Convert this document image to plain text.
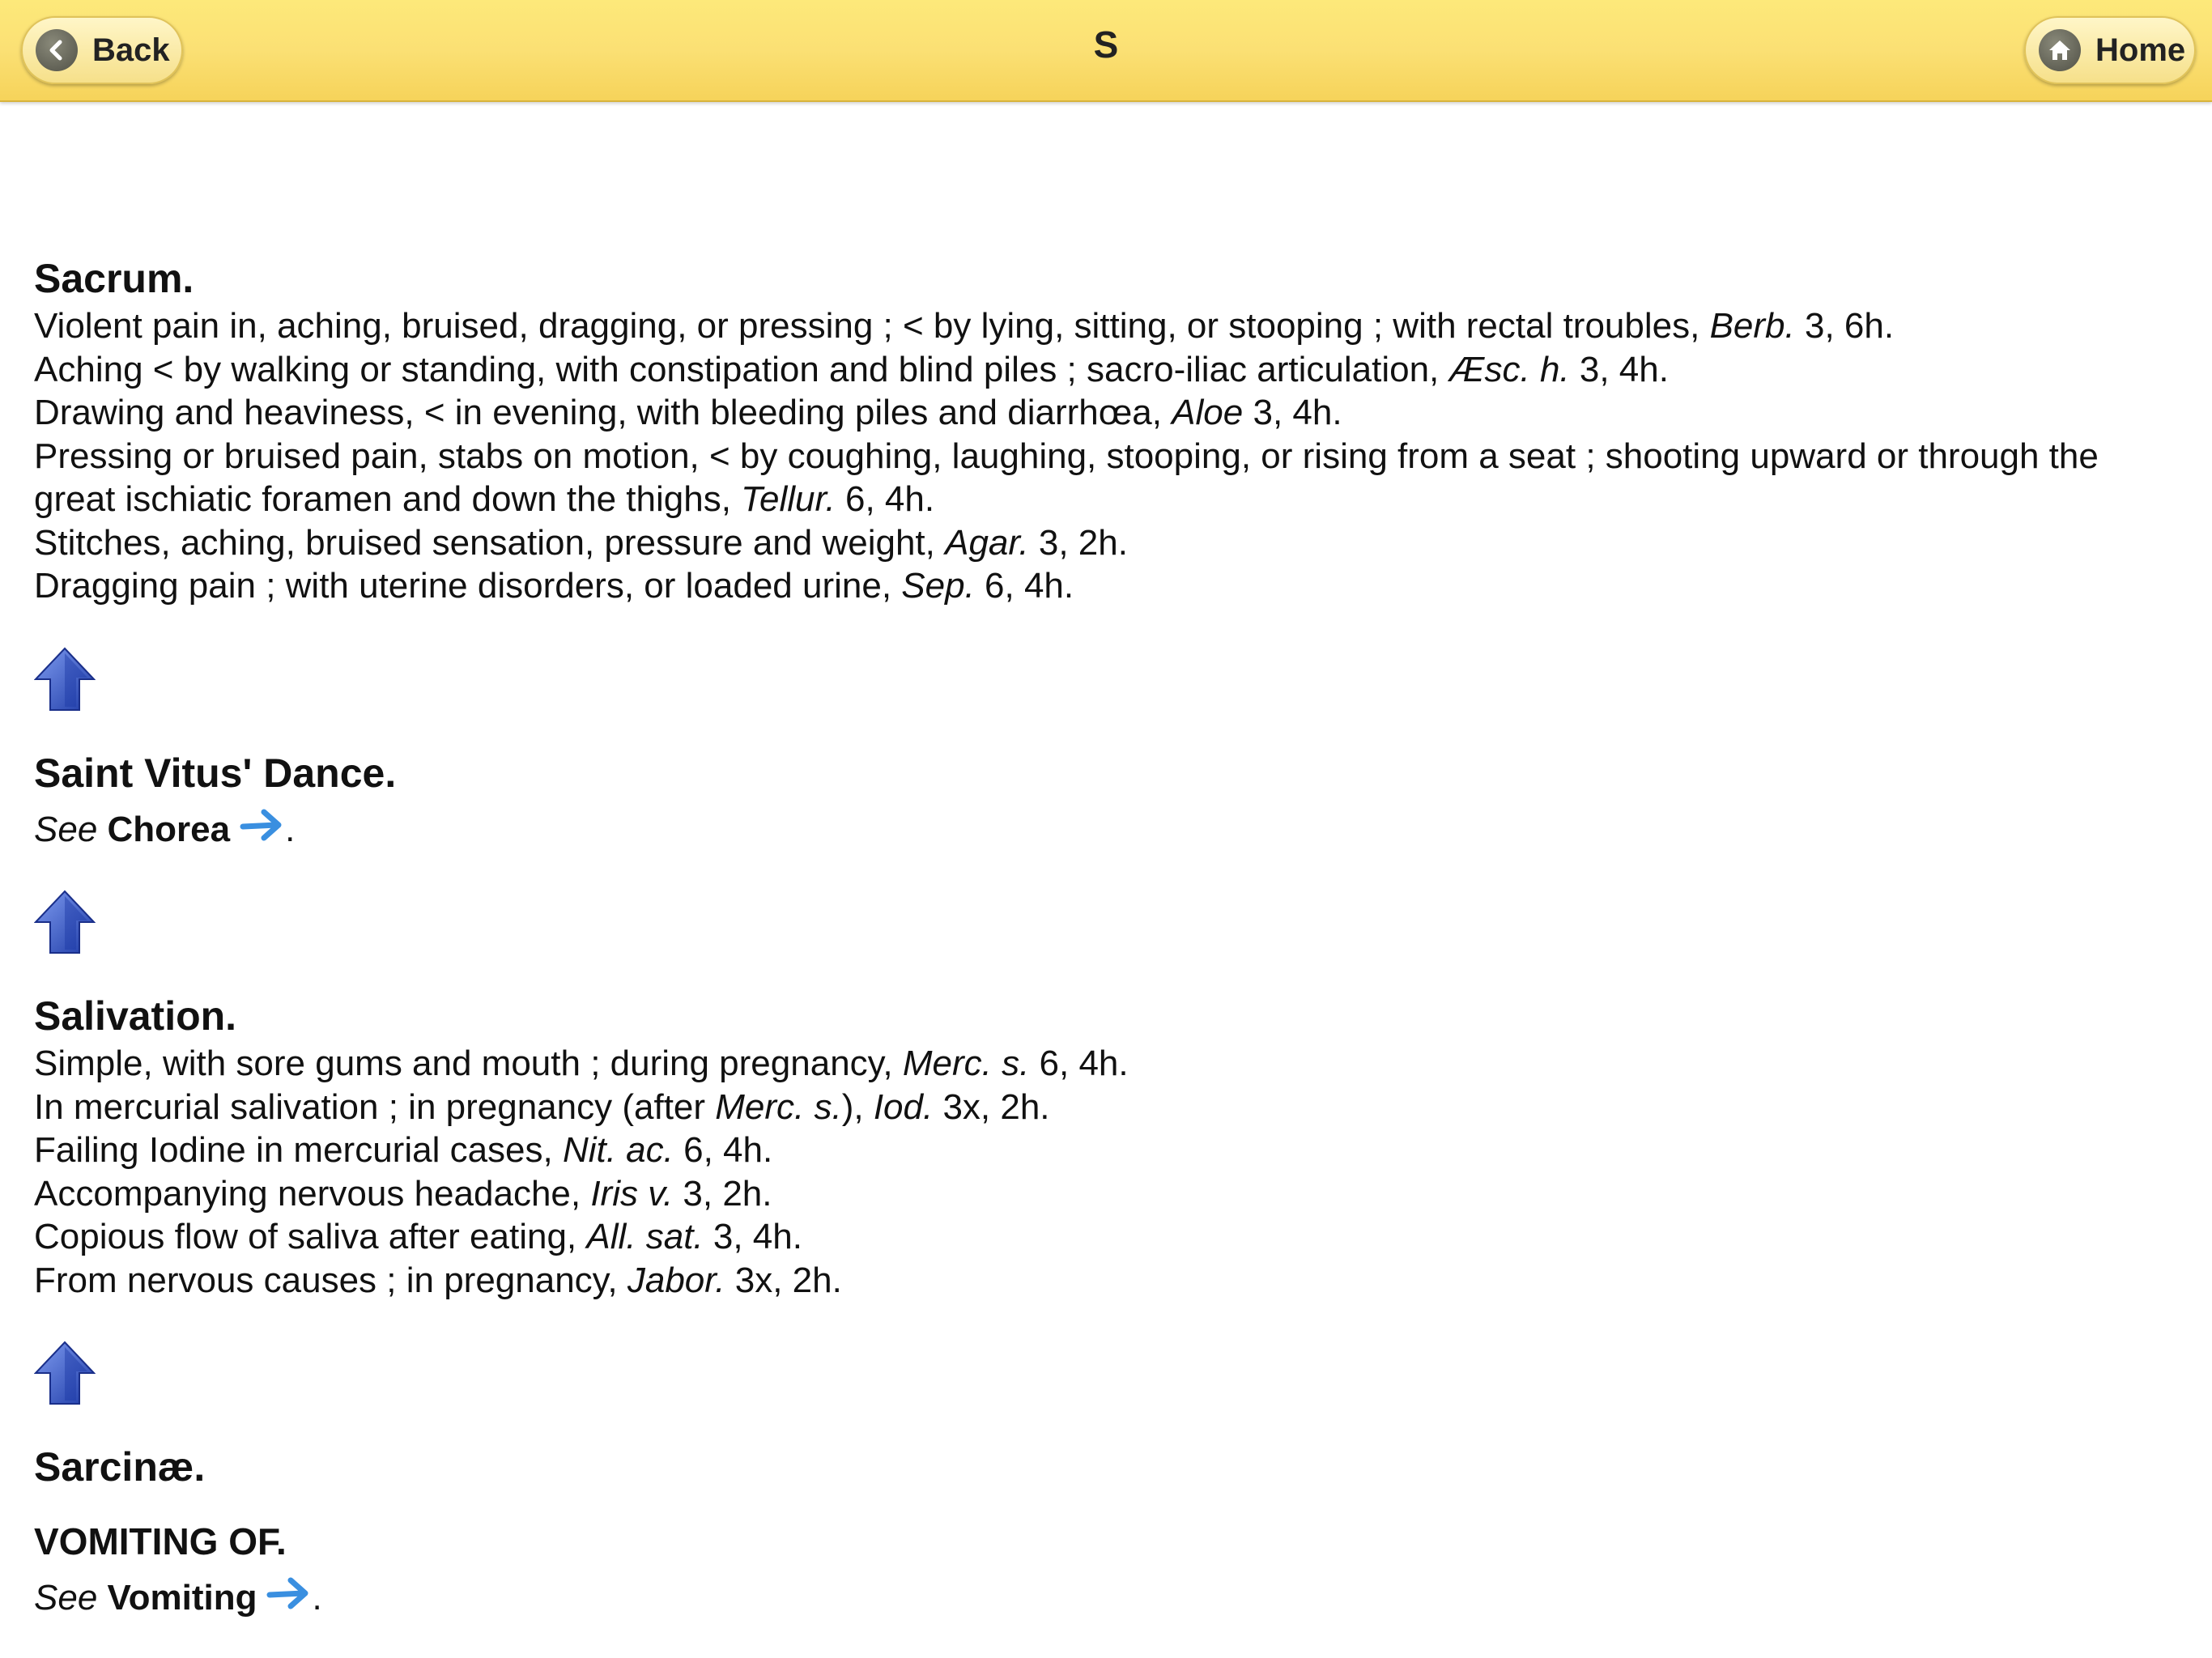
Back	S	Home
Sacrum.

Violent pain in, aching, bruised, dragging, or pressing ; < by lying, sitting, or stooping ; with rectal troubles, Berb. 3, 6h.

Aching < by walking or standing, with constipation and blind piles ; sacro-iliac articulation, Æsc. h. 3, 4h.

Drawing and heaviness, < in evening, with bleeding piles and diarrhœa, Aloe 3, 4h.

Pressing or bruised pain, stabs on motion, < by coughing, laughing, stooping, or rising from a seat ; shooting upward or through the great ischiatic foramen and down the thighs, Tellur. 6, 4h.

Stitches, aching, bruised sensation, pressure and weight, Agar. 3, 2h.

Dragging pain ; with uterine disorders, or loaded urine, Sep. 6, 4h.

Saint Vitus' Dance.

See Chorea .

Salivation.

Simple, with sore gums and mouth ; during pregnancy, Merc. s. 6, 4h.

In mercurial salivation ; in pregnancy (after Merc. s.), Iod. 3x, 2h.

Failing Iodine in mercurial cases, Nit. ac. 6, 4h.

Accompanying nervous headache, Iris v. 3, 2h.

Copious flow of saliva after eating, All. sat. 3, 4h.

From nervous causes ; in pregnancy, Jabor. 3x, 2h.

Sarcinæ.
VOMITING OF.

See Vomiting .
